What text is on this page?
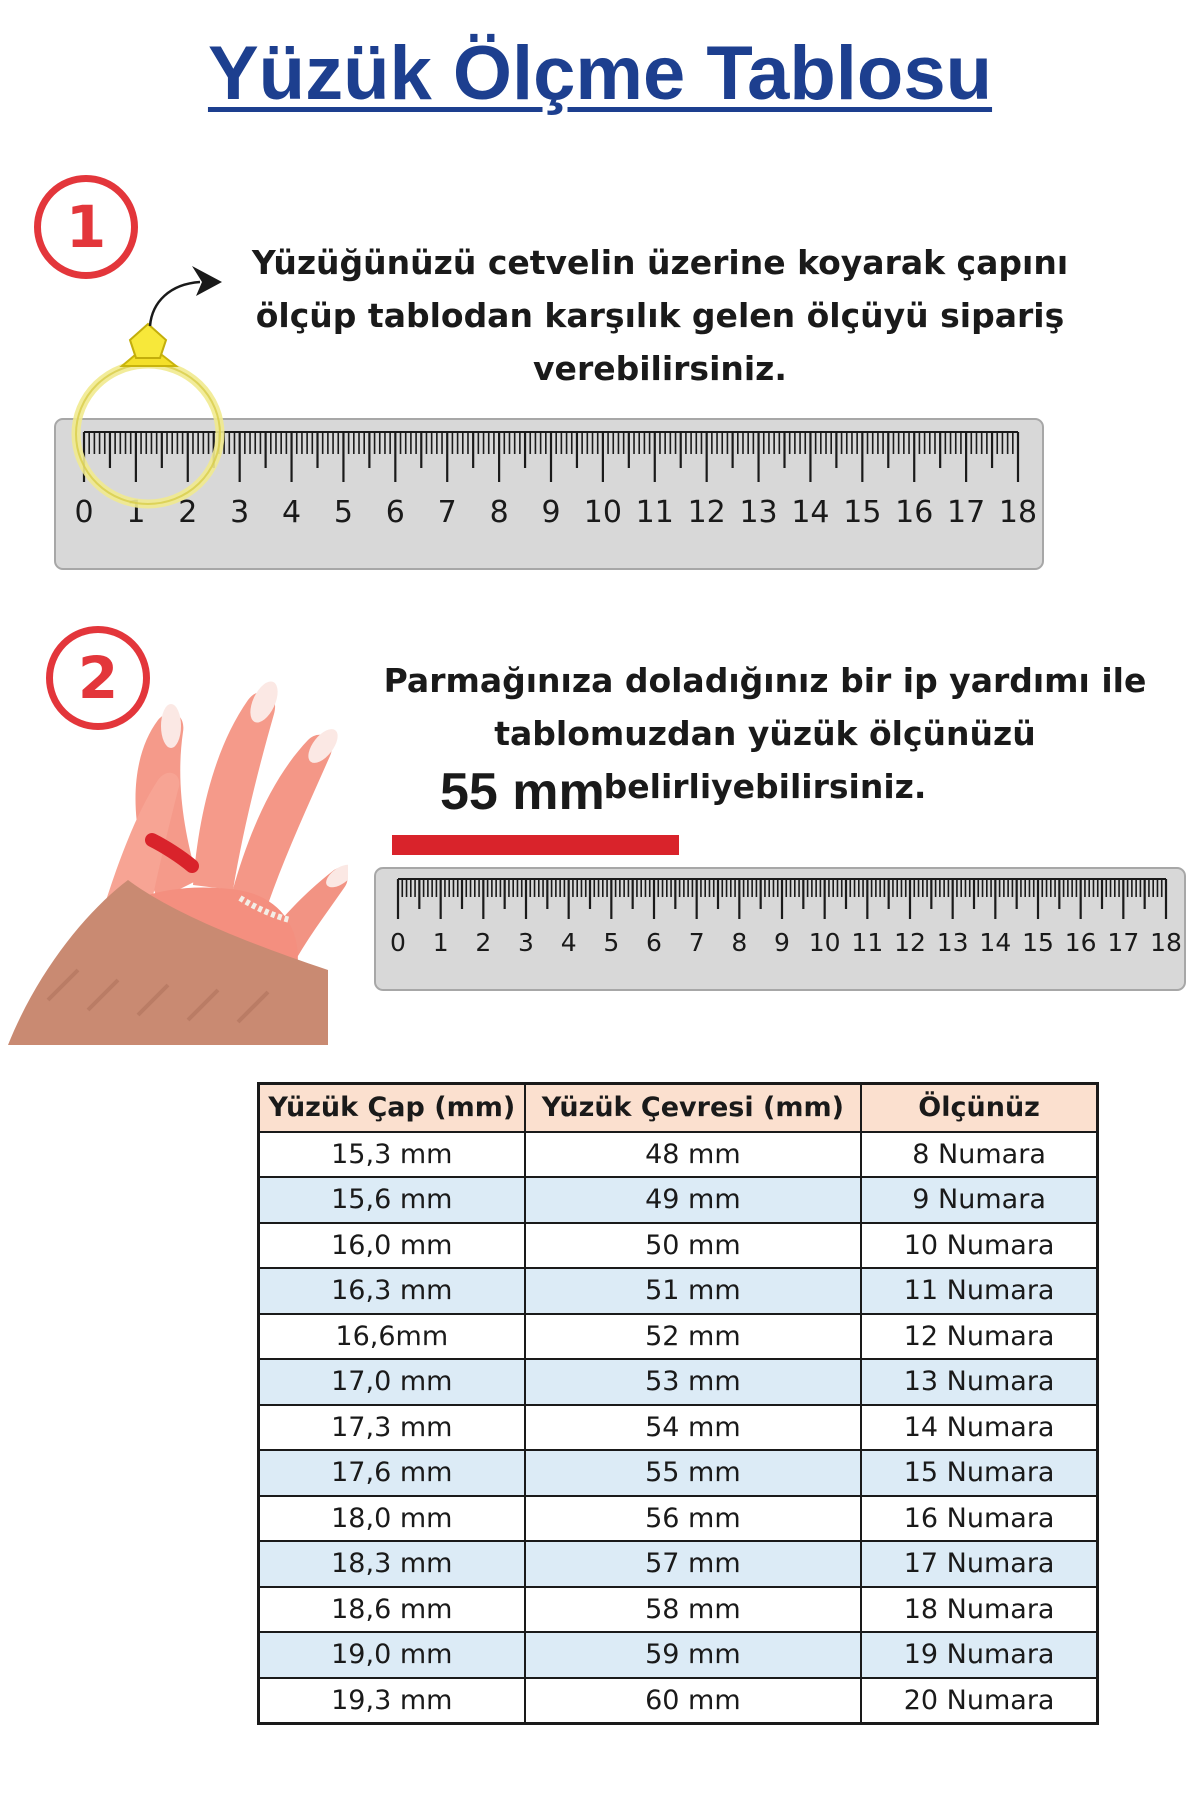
Yüzük Ölçme Tablosu
1
Yüzüğünüzü cetvelin üzerine koyarak çapını
ölçüp tablodan karşılık gelen ölçüyü sipariş
verebilirsiniz.
0 1 2 3 4 5 6 7 8 9 10 11 12 13 14 15 16 17 18
2	Parmağınıza doladığınız bir ip yardımı ile
tablomuzdan yüzük ölçünüzü belirliyebilirsiniz.
55 mm
0 1 2 3 4 5 6 7 8 9 10 11 12 13 14 15 16 17 18
Yüzük Çap (mm)	Yüzük Çevresi (mm)	Ölçünüz
15,3 mm	48 mm	8 Numara
15,6 mm	49 mm	9 Numara
16,0 mm	50 mm	10 Numara
16,3 mm	51 mm	11 Numara
16,6mm	52 mm	12 Numara
17,0 mm	53 mm	13 Numara
17,3 mm	54 mm	14 Numara
17,6 mm	55 mm	15 Numara
18,0 mm	56 mm	16 Numara
18,3 mm	57 mm	17 Numara
18,6 mm	58 mm	18 Numara
19,0 mm	59 mm	19 Numara
19,3 mm	60 mm	20 Numara
